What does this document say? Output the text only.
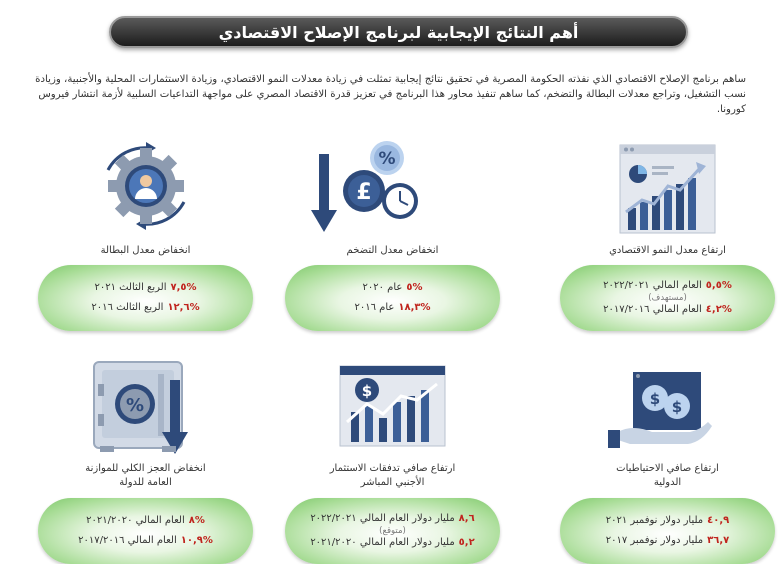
أهم النتائج الإيجابية لبرنامج الإصلاح الاقتصادي

ساهم برنامج الإصلاح الاقتصادي الذي نفذته الحكومة المصرية في تحقيق نتائج إيجابية تمثلت في زيادة معدلات النمو الاقتصادي، وزيادة الاستثمارات المحلية والأجنبية، وزيادة نسب التشغيل، وتراجع معدلات البطالة والتضخم، كما ساهم تنفيذ محاور هذا البرنامج في تعزيز قدرة الاقتصاد المصري على مواجهة التداعيات السلبية لأزمة انتشار فيروس كورونا.

ارتفاع معدل النمو الاقتصادي
%٥,٥العام المالي ٢٠٢٢/٢٠٢١
(مستهدف)
%٤,٢العام المالي ٢٠١٧/٢٠١٦
%
£
انخفاض معدل التضخم
%٥عام ٢٠٢٠
%١٨,٣عام ٢٠١٦
انخفاض معدل البطالة
%٧,٥الربع الثالث ٢٠٢١
%١٢,٦الربع الثالث ٢٠١٦
$ $
ارتفاع صافي الاحتياطيات
الدولية
٤٠,٩مليار دولار نوفمبر ٢٠٢١
٣٦,٧مليار دولار نوفمبر ٢٠١٧
$
ارتفاع صافي تدفقات الاستثمار
الأجنبي المباشر
٨,٦مليار دولار العام المالي ٢٠٢٢/٢٠٢١
(متوقع)
٥,٢مليار دولار العام المالي ٢٠٢١/٢٠٢٠
%
انخفاض العجز الكلي للموازنة
العامة للدولة
%٨العام المالي ٢٠٢١/٢٠٢٠
%١٠,٩العام المالي ٢٠١٧/٢٠١٦
